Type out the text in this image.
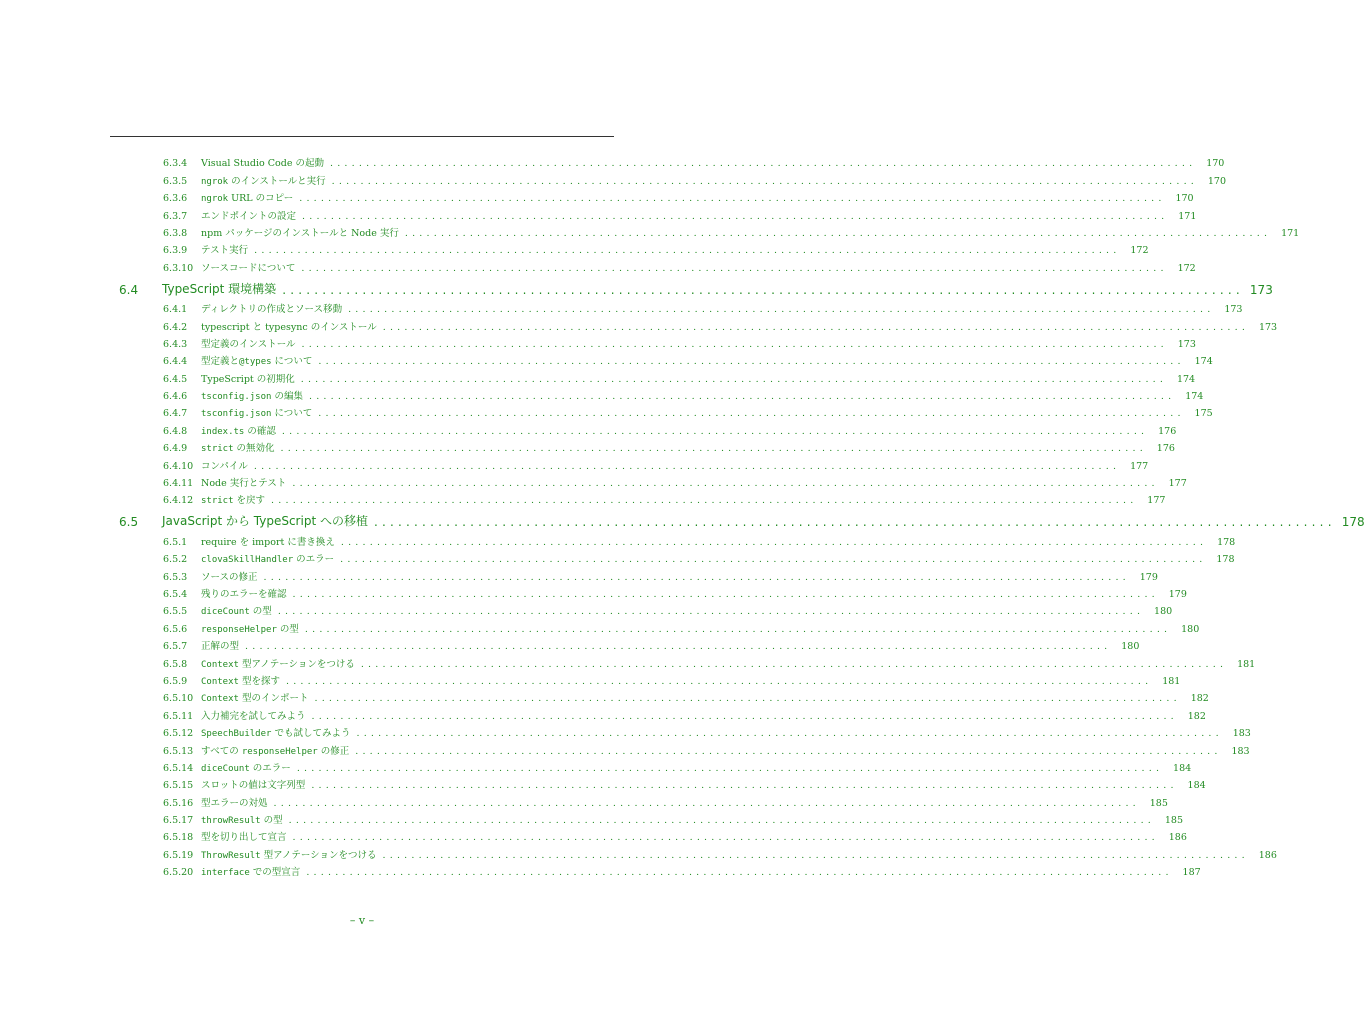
6.3.4	Visual Studio Code の起動 ........................................................................................................................	170
6.3.5	ngrok のインストールと実行 ........................................................................................................................	170
6.3.6	ngrok URL のコピー ........................................................................................................................	170
6.3.7	エンドポイントの設定 ........................................................................................................................	171
6.3.8	npm パッケージのインストールと Node 実行 ........................................................................................................................	171
6.3.9	テスト実行 ........................................................................................................................	172
6.3.10 ソースコードについて ........................................................................................................................	172
6.4	TypeScript 環境構築 ........................................................................................................................ 173
6.4.1	ディレクトリの作成とソース移動 ........................................................................................................................	173
6.4.2	typescript と typesync のインストール ........................................................................................................................	173
6.4.3	型定義のインストール ........................................................................................................................	173
6.4.4	型定義と@types について ........................................................................................................................	174
6.4.5	TypeScript の初期化 ........................................................................................................................	174
6.4.6	tsconfig.json の編集 ........................................................................................................................	174
6.4.7	tsconfig.json について ........................................................................................................................	175
6.4.8	index.ts の確認 ........................................................................................................................	176
6.4.9	strict の無効化 ........................................................................................................................	176
6.4.10 コンパイル ........................................................................................................................	177
6.4.11 Node 実行とテスト ........................................................................................................................	177
6.4.12 strict を戻す ........................................................................................................................	177
6.5	JavaScript から TypeScript への移植 ........................................................................................................................ 178
6.5.1	require を import に書き換え ........................................................................................................................	178
6.5.2	clovaSkillHandler のエラー ........................................................................................................................	178
6.5.3	ソースの修正 ........................................................................................................................	179
6.5.4	残りのエラーを確認 ........................................................................................................................	179
6.5.5	diceCount の型 ........................................................................................................................	180
6.5.6	responseHelper の型 ........................................................................................................................	180
6.5.7	正解の型 ........................................................................................................................	180
6.5.8	Context 型アノテーションをつける ........................................................................................................................	181
6.5.9	Context 型を探す ........................................................................................................................	181
6.5.10 Context 型のインポート ........................................................................................................................	182
6.5.11 入力補完を試してみよう ........................................................................................................................	182
6.5.12 SpeechBuilder でも試してみよう ........................................................................................................................	183
6.5.13 すべての responseHelper の修正 ........................................................................................................................	183
6.5.14 diceCount のエラー ........................................................................................................................	184
6.5.15 スロットの値は文字列型 ........................................................................................................................	184
6.5.16 型エラーの対処 ........................................................................................................................	185
6.5.17 throwResult の型 ........................................................................................................................	185
6.5.18 型を切り出して宣言 ........................................................................................................................	186
6.5.19 ThrowResult 型アノテーションをつける ........................................................................................................................	186
6.5.20 interface での型宣言 ........................................................................................................................	187
– v –
